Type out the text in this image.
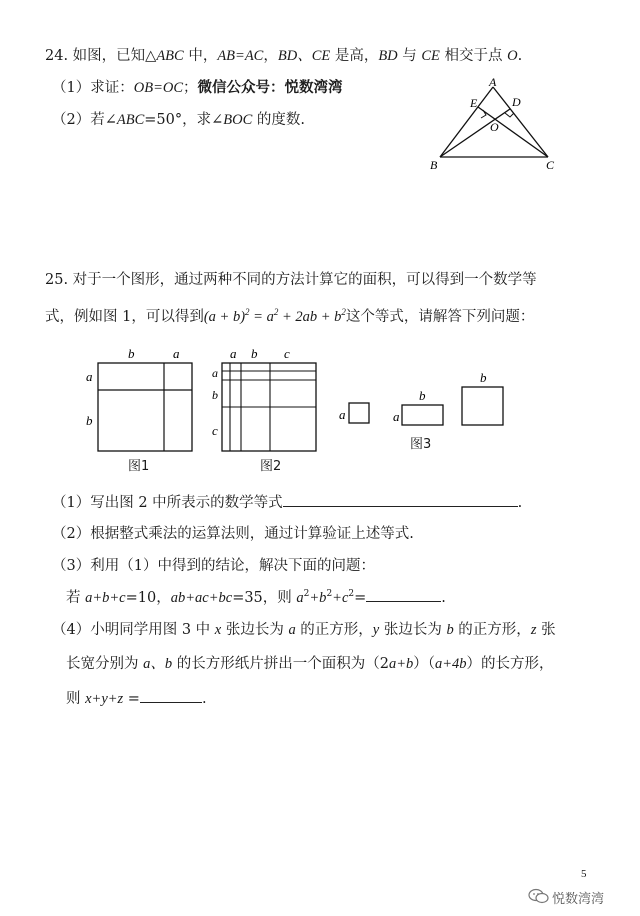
24. 如图，已知△ABC 中，AB=AC，BD、CE 是高，BD 与 CE 相交于点 O.
（1）求证：OB=OC；微信公众号：悦数湾湾
（2）若∠ABC=50°，求∠BOC 的度数.
A
E	D
O
B	C
25. 对于一个图形，通过两种不同的方法计算它的面积，可以得到一个数学等
式，例如图 1，可以得到$(a + b)^2 = a^2 + 2ab + b^2$这个等式，请解答下列问题：
b	a
a
b
图1
a b c
a
b
c
图2
a	a
b
b
图3
（1）写出图 2 中所表示的数学等式	.
（2）根据整式乘法的运算法则，通过计算验证上述等式.
（3）利用（1）中得到的结论，解决下面的问题：
若 a+b+c=10，ab+ac+bc=35，则 $a^2+b^2+c^2=$	.
（4）小明同学用图 3 中 x 张边长为 a 的正方形，y 张边长为 b 的正方形，z 张
长宽分别为 a、b 的长方形纸片拼出一个面积为（2a+b）（a+4b）的长方形，
则 x+y+z =	.
5
悦数湾湾
